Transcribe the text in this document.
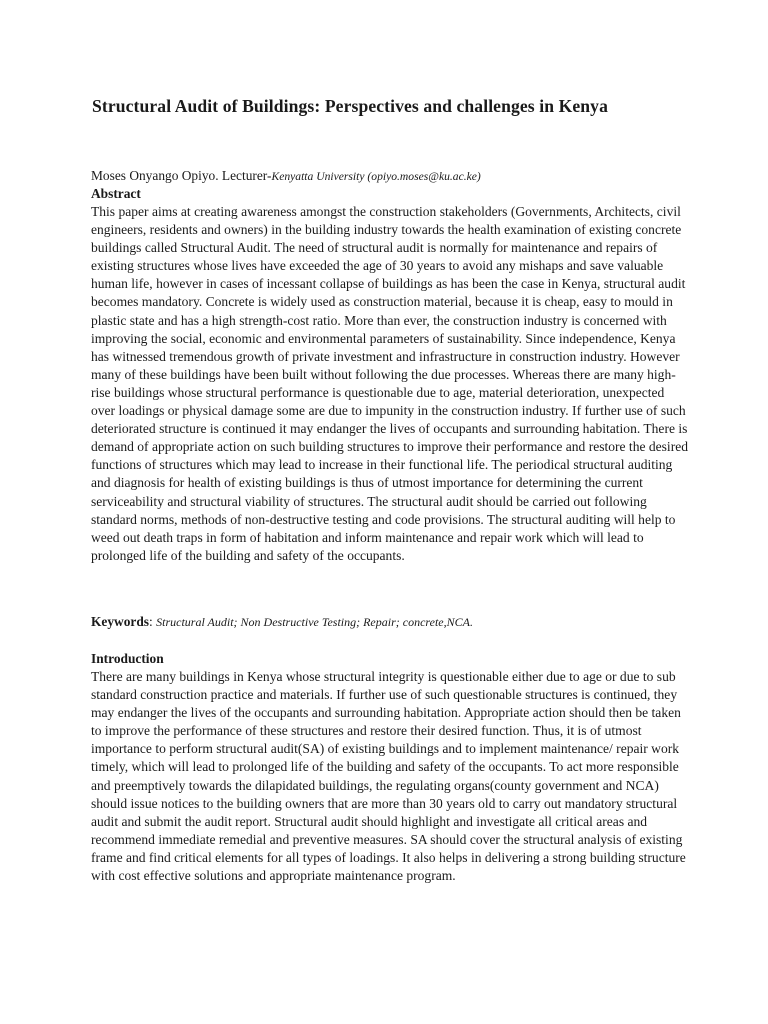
Structural Audit of Buildings: Perspectives and challenges in Kenya
Moses Onyango Opiyo. Lecturer-Kenyatta University (opiyo.moses@ku.ac.ke)
Abstract

This paper aims at creating awareness amongst the construction stakeholders (Governments, Architects, civil engineers, residents and owners) in the building industry towards the health examination of existing concrete buildings called Structural Audit. The need of structural audit is normally for maintenance and repairs of existing structures whose lives have exceeded the age of 30 years to avoid any mishaps and save valuable human life, however in cases of incessant collapse of buildings as has been the case in Kenya, structural audit becomes mandatory. Concrete is widely used as construction material, because it is cheap, easy to mould in plastic state and has a high strength-cost ratio. More than ever, the construction industry is concerned with improving the social, economic and environmental parameters of sustainability. Since independence, Kenya has witnessed tremendous growth of private investment and infrastructure in construction industry. However many of these buildings have been built without following the due processes. Whereas there are many high-rise buildings whose structural performance is questionable due to age, material deterioration, unexpected over loadings or physical damage some are due to impunity in the construction industry. If further use of such deteriorated structure is continued it may endanger the lives of occupants and surrounding habitation. There is demand of appropriate action on such building structures to improve their performance and restore the desired functions of structures which may lead to increase in their functional life. The periodical structural auditing and diagnosis for health of existing buildings is thus of utmost importance for determining the current serviceability and structural viability of structures. The structural audit should be carried out following standard norms, methods of non-destructive testing and code provisions. The structural auditing will help to weed out death traps in form of habitation and inform maintenance and repair work which will lead to prolonged life of the building and safety of the occupants.

Keywords: Structural Audit; Non Destructive Testing; Repair; concrete,NCA.
Introduction

There are many buildings in Kenya whose structural integrity is questionable either due to age or due to sub standard construction practice and materials. If further use of such questionable structures is continued, they may endanger the lives of the occupants and surrounding habitation. Appropriate action should then be taken to improve the performance of these structures and restore their desired function. Thus, it is of utmost importance to perform structural audit(SA) of existing buildings and to implement maintenance/ repair work timely, which will lead to prolonged life of the building and safety of the occupants. To act more responsible and preemptively towards the dilapidated buildings, the regulating organs(county government and NCA) should issue notices to the building owners that are more than 30 years old to carry out mandatory structural audit and submit the audit report. Structural audit should highlight and investigate all critical areas and recommend immediate remedial and preventive measures. SA should cover the structural analysis of existing frame and find critical elements for all types of loadings. It also helps in delivering a strong building structure with cost effective solutions and appropriate maintenance program.
